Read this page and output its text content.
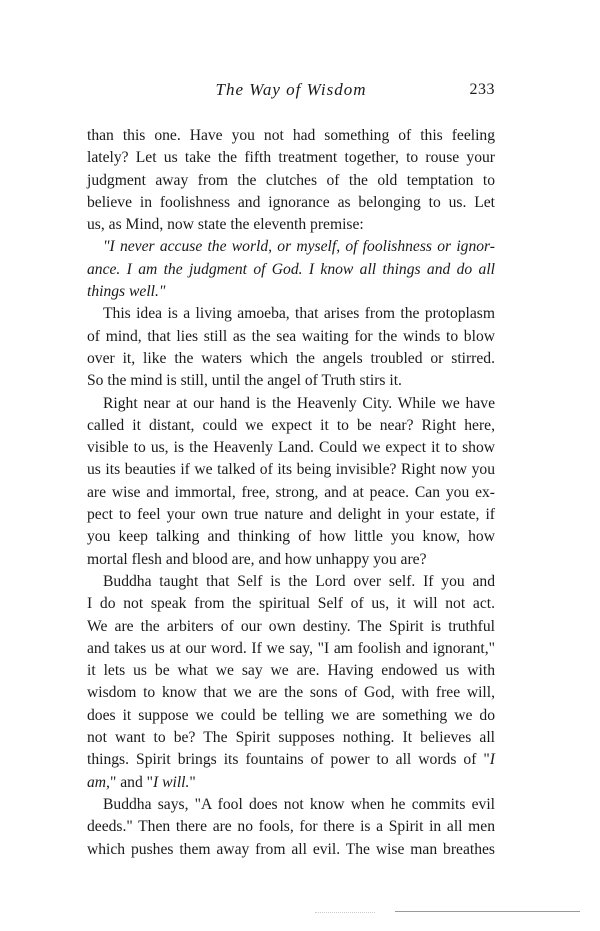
The Way of Wisdom	233
than this one. Have you not had something of this feeling
lately? Let us take the fifth treatment together, to rouse your
judgment away from the clutches of the old temptation to
believe in foolishness and ignorance as belonging to us. Let
us, as Mind, now state the eleventh premise:
"I never accuse the world, or myself, of foolishness or ignor-
ance. I am the judgment of God. I know all things and do all
things well."
This idea is a living amoeba, that arises from the protoplasm
of mind, that lies still as the sea waiting for the winds to blow
over it, like the waters which the angels troubled or stirred.
So the mind is still, until the angel of Truth stirs it.
Right near at our hand is the Heavenly City. While we have
called it distant, could we expect it to be near? Right here,
visible to us, is the Heavenly Land. Could we expect it to show
us its beauties if we talked of its being invisible? Right now you
are wise and immortal, free, strong, and at peace. Can you ex-
pect to feel your own true nature and delight in your estate, if
you keep talking and thinking of how little you know, how
mortal flesh and blood are, and how unhappy you are?
Buddha taught that Self is the Lord over self. If you and
I do not speak from the spiritual Self of us, it will not act.
We are the arbiters of our own destiny. The Spirit is truthful
and takes us at our word. If we say, "I am foolish and ignorant,"
it lets us be what we say we are. Having endowed us with
wisdom to know that we are the sons of God, with free will,
does it suppose we could be telling we are something we do
not want to be? The Spirit supposes nothing. It believes all
things. Spirit brings its fountains of power to all words of "I
am," and "I will."
Buddha says, "A fool does not know when he commits evil
deeds." Then there are no fools, for there is a Spirit in all men
which pushes them away from all evil. The wise man breathes
